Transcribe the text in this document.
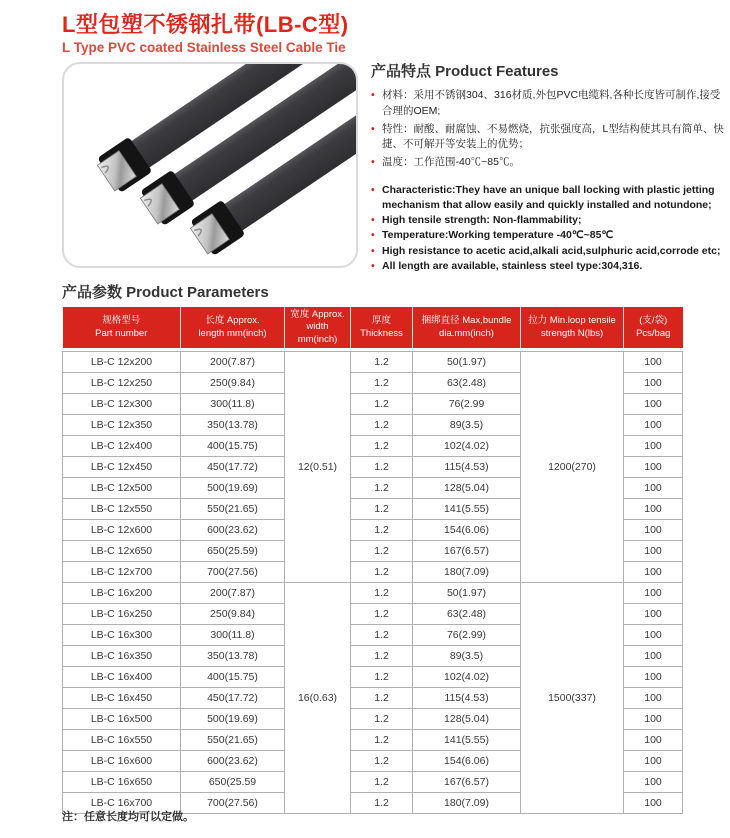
L型包塑不锈钢扎带(LB-C型)
L Type PVC coated Stainless Steel Cable Tie
产品特点 Product Features
• 材料：采用不锈钢304、316材质,外包PVC电缆料,各种长度皆可制作,接受合理的OEM;
• 特性：耐酸、耐腐蚀、不易燃烧，抗张强度高，L型结构使其具有简单、快捷、不可解开等安装上的优势；
• 温度：工作范围-40℃~85℃。
• Characteristic:They have an unique ball locking with plastic jetting mechanism that allow easily and quickly installed and notundone;
• High tensile strength: Non-flammability;
• Temperature:Working temperature -40℃~85℃
• High resistance to acetic acid,alkali acid,sulphuric acid,corrode etc;
• All length are available, stainless steel type:304,316.
产品参数 Product Parameters
规格型号
Part number

长度 Approx.
length mm(inch)

宽度 Approx.
width mm(inch)

厚度
Thickness

捆绑直径 Max,bundle
dia.mm(inch)

拉力 Min.loop tensile
strength N(lbs)

(支/袋)
Pcs/bag

LB-C 12x200	200(7.87)	12(0.51)	1.2	50(1.97)	1200(270)	100
LB-C 12x250	250(9.84)		1.2	63(2.48)		100
LB-C 12x300	300(11.8)		1.2	76(2.99		100
LB-C 12x350	350(13.78)		1.2	89(3.5)		100
LB-C 12x400	400(15.75)		1.2	102(4.02)		100
LB-C 12x450	450(17.72)		1.2	115(4.53)		100
LB-C 12x500	500(19.69)		1.2	128(5.04)		100
LB-C 12x550	550(21.65)		1.2	141(5.55)		100
LB-C 12x600	600(23.62)		1.2	154(6.06)		100
LB-C 12x650	650(25.59)		1.2	167(6.57)		100
LB-C 12x700	700(27.56)		1.2	180(7.09)		100
LB-C 16x200	200(7.87)	16(0.63)	1.2	50(1.97)	1500(337)	100
LB-C 16x250	250(9.84)		1.2	63(2.48)		100
LB-C 16x300	300(11.8)		1.2	76(2.99)		100
LB-C 16x350	350(13.78)		1.2	89(3.5)		100
LB-C 16x400	400(15.75)		1.2	102(4.02)		100
LB-C 16x450	450(17.72)		1.2	115(4.53)		100
LB-C 16x500	500(19.69)		1.2	128(5.04)		100
LB-C 16x550	550(21.65)		1.2	141(5.55)		100
LB-C 16x600	600(23.62)		1.2	154(6.06)		100
LB-C 16x650	650(25.59		1.2	167(6.57)		100
LB-C 16x700	700(27.56)		1.2	180(7.09)		100
注：任意长度均可以定做。
